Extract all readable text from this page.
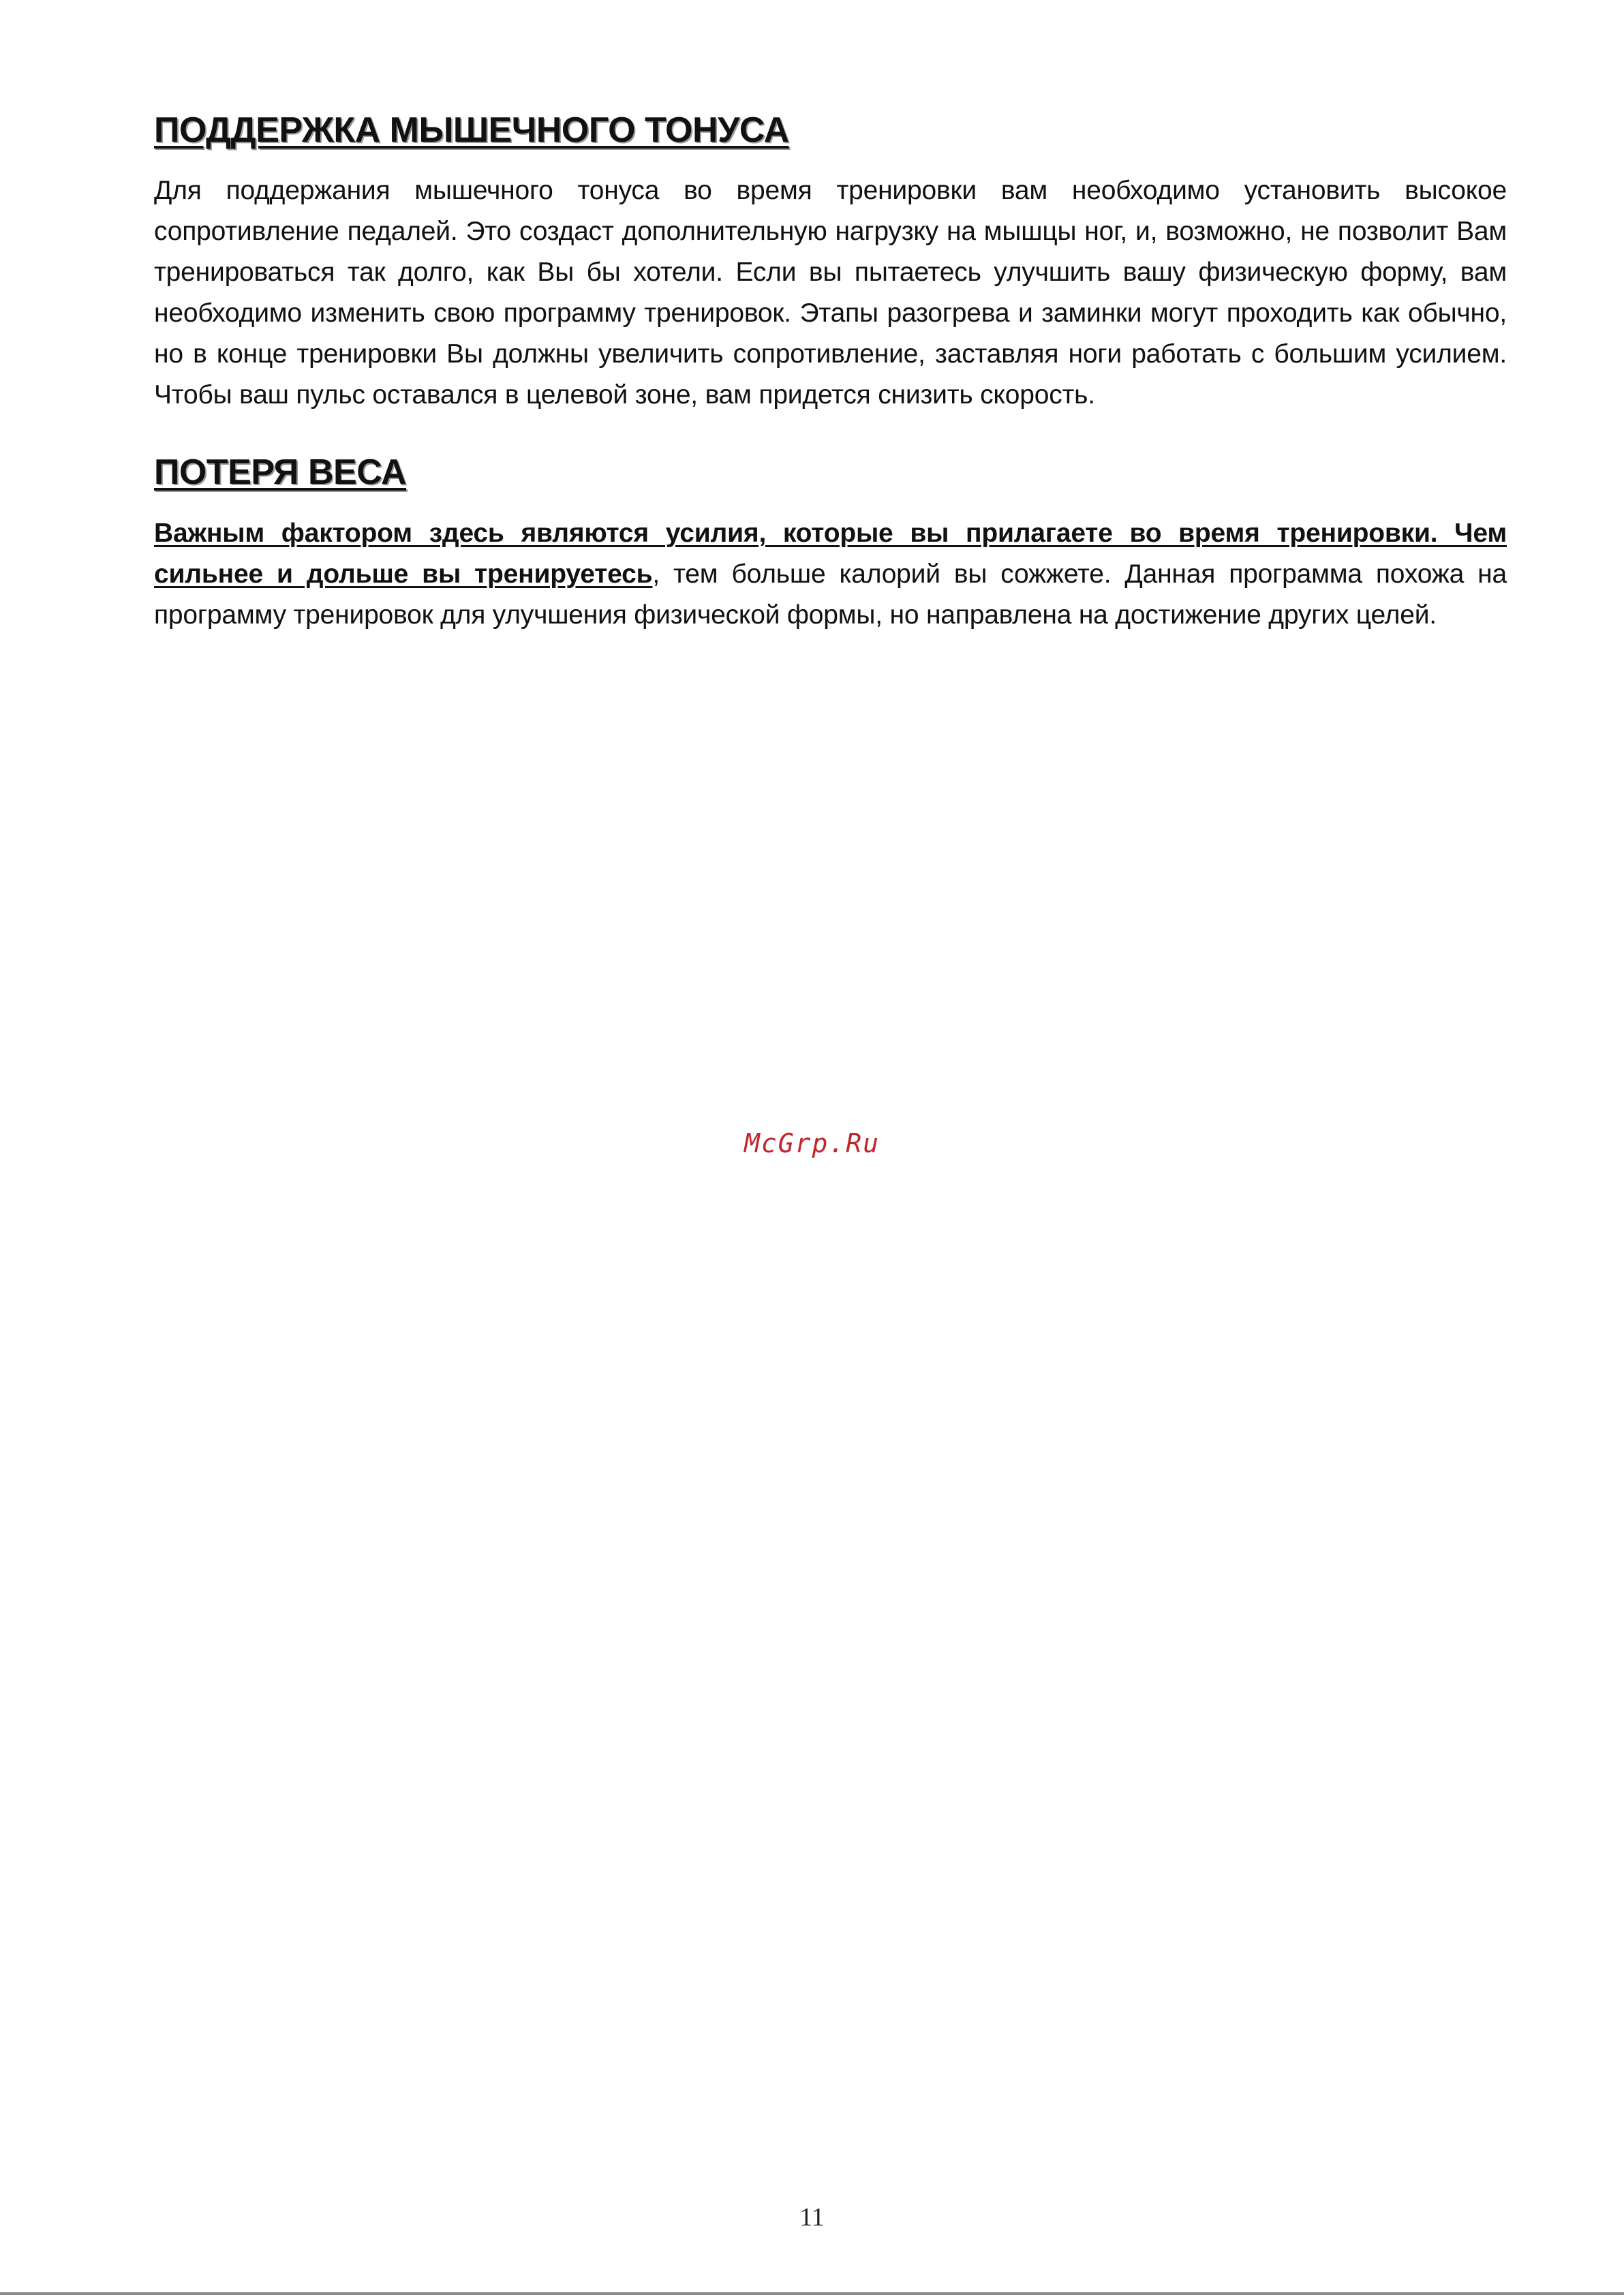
ПОДДЕРЖКА МЫШЕЧНОГО ТОНУСА

Для поддержания мышечного тонуса во время тренировки вам необходимо установить высокое сопротивление педалей. Это создаст дополнительную нагрузку на мышцы ног, и, возможно, не позволит Вам тренироваться так долго, как Вы бы хотели. Если вы пытаетесь улучшить вашу физическую форму, вам необходимо изменить свою программу тренировок. Этапы разогрева и заминки могут проходить как обычно, но в конце тренировки Вы должны увеличить сопротивление, заставляя ноги работать с большим усилием. Чтобы ваш пульс оставался в целевой зоне, вам придется снизить скорость.

ПОТЕРЯ ВЕСА

Важным фактором здесь являются усилия, которые вы прилагаете во время тренировки. Чем сильнее и дольше вы тренируетесь, тем больше калорий вы сожжете. Данная программа похожа на программу тренировок для улучшения физической формы, но направлена на достижение других целей.

McGrp.Ru
11
